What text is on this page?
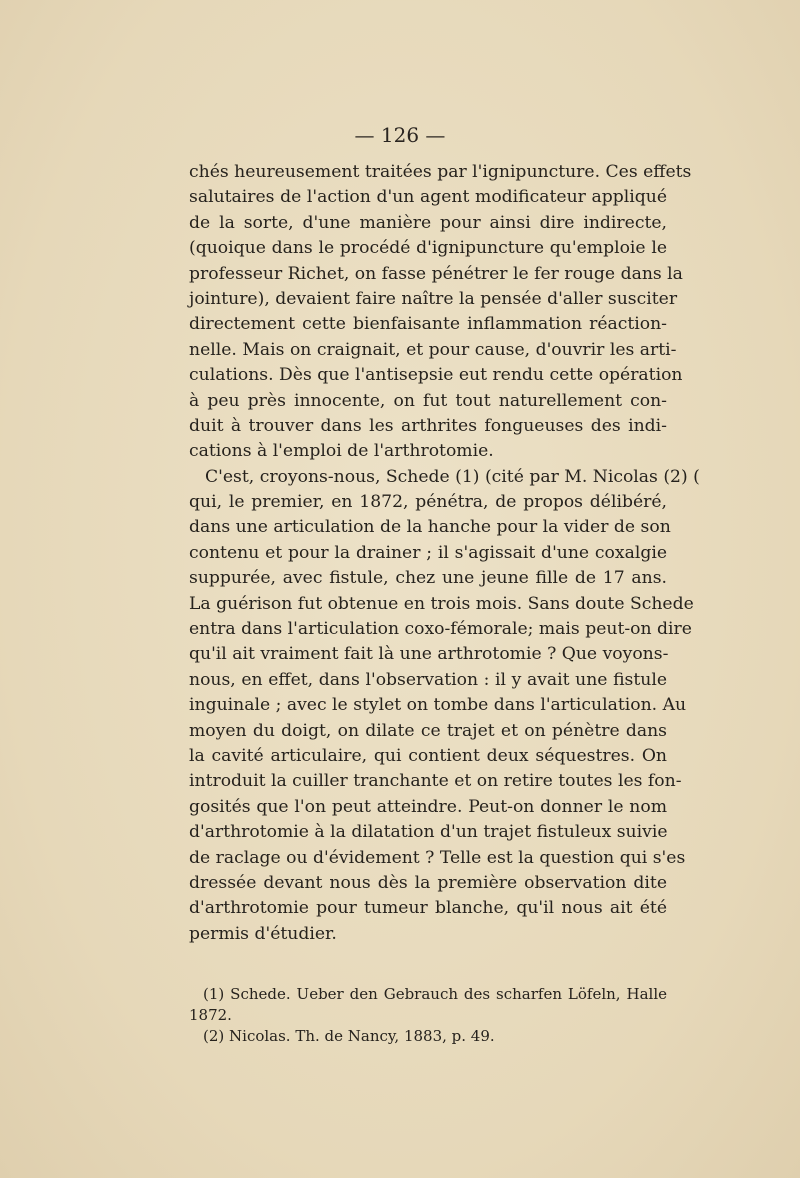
— 126 —
chés heureusement traitées par l'ignipuncture. Ces effets
salutaires de l'action d'un agent modificateur appliqué
de la sorte, d'une manière pour ainsi dire indirecte,
(quoique dans le procédé d'ignipuncture qu'emploie le
professeur Richet, on fasse pénétrer le fer rouge dans la
jointure), devaient faire naître la pensée d'aller susciter
directement cette bienfaisante inflammation réaction-
nelle. Mais on craignait, et pour cause, d'ouvrir les arti-
culations. Dès que l'antisepsie eut rendu cette opération
à peu près innocente, on fut tout naturellement con-
duit à trouver dans les arthrites fongueuses des indi-
cations à l'emploi de l'arthrotomie.
C'est, croyons-nous, Schede (1) (cité par M. Nicolas (2) (
qui, le premier, en 1872, pénétra, de propos délibéré,
dans une articulation de la hanche pour la vider de son
contenu et pour la drainer ; il s'agissait d'une coxalgie
suppurée, avec fistule, chez une jeune fille de 17 ans.
La guérison fut obtenue en trois mois. Sans doute Schede
entra dans l'articulation coxo-fémorale; mais peut-on dire
qu'il ait vraiment fait là une arthrotomie ? Que voyons-
nous, en effet, dans l'observation : il y avait une fistule
inguinale ; avec le stylet on tombe dans l'articulation. Au
moyen du doigt, on dilate ce trajet et on pénètre dans
la cavité articulaire, qui contient deux séquestres. On
introduit la cuiller tranchante et on retire toutes les fon-
gosités que l'on peut atteindre. Peut-on donner le nom
d'arthrotomie à la dilatation d'un trajet fistuleux suivie
de raclage ou d'évidement ? Telle est la question qui s'es
dressée devant nous dès la première observation dite
d'arthrotomie pour tumeur blanche, qu'il nous ait été
permis d'étudier.
(1) Schede. Ueber den Gebrauch des scharfen Löfeln, Halle
1872.
(2) Nicolas. Th. de Nancy, 1883, p. 49.
